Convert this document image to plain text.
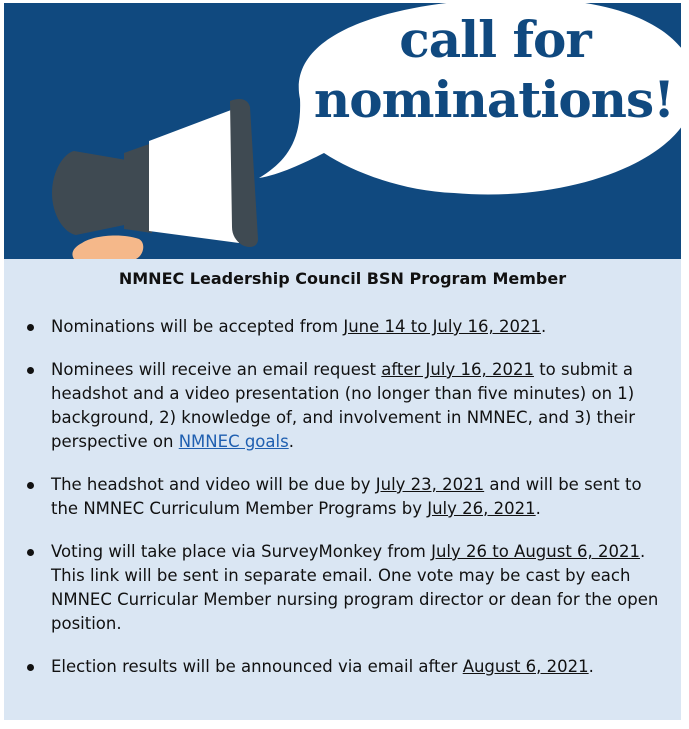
call for
nominations!
NMNEC Leadership Council BSN Program Member
Nominations will be accepted from June 14 to July 16, 2021.
Nominees will receive an email request after July 16, 2021 to submit a headshot and a video presentation (no longer than five minutes) on 1) background, 2) knowledge of, and involvement in NMNEC, and 3) their perspective on NMNEC goals.
The headshot and video will be due by July 23, 2021 and will be sent to the NMNEC Curriculum Member Programs by July 26, 2021.
Voting will take place via SurveyMonkey from July 26 to August 6, 2021. This link will be sent in separate email. One vote may be cast by each NMNEC Curricular Member nursing program director or dean for the open position.
Election results will be announced via email after August 6, 2021.
